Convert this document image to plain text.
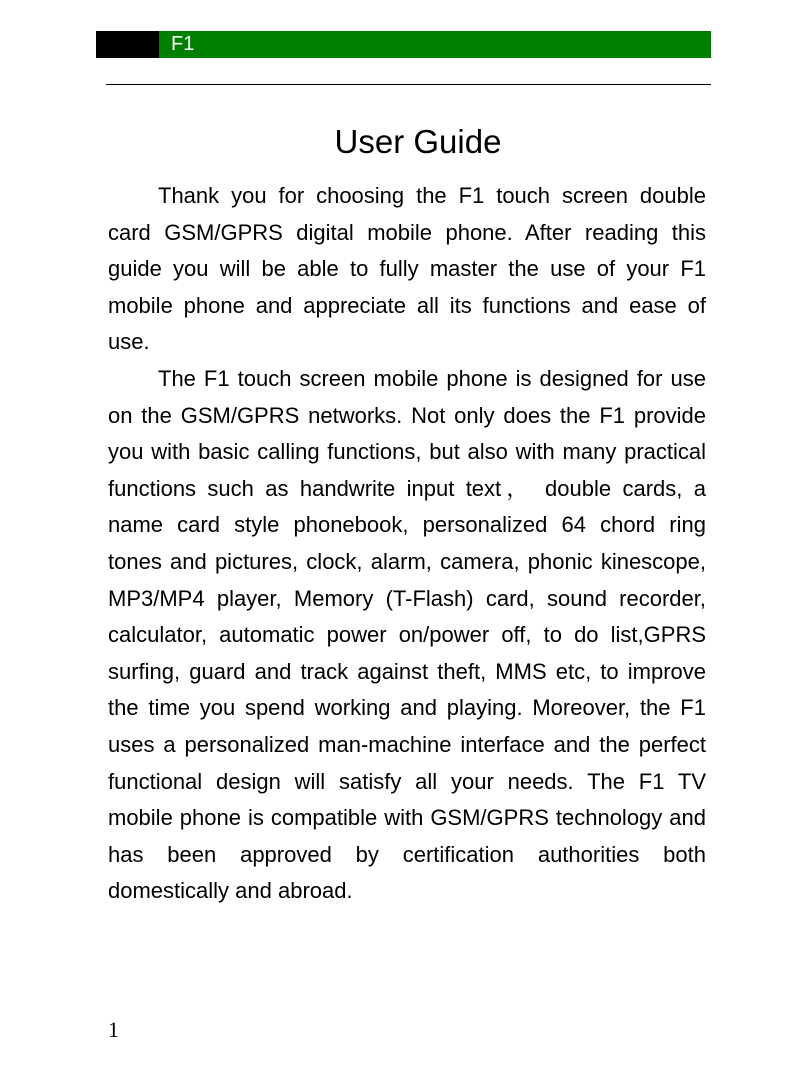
F1
User Guide

Thank you for choosing the F1 touch screen double card GSM/GPRS digital mobile phone. After reading this guide you will be able to fully master the use of your F1 mobile phone and appreciate all its functions and ease of use.

The F1 touch screen mobile phone is designed for use on the GSM/GPRS networks. Not only does the F1 provide you with basic calling functions, but also with many practical functions such as handwrite input text， double cards, a name card style phonebook, personalized 64 chord ring tones and pictures, clock, alarm, camera, phonic kinescope, MP3/MP4 player, Memory (T-Flash) card, sound recorder, calculator, automatic power on/power off, to do list,GPRS surfing, guard and track against theft, MMS etc, to improve the time you spend working and playing. Moreover, the F1 uses a personalized man-machine interface and the perfect functional design will satisfy all your needs. The F1 TV mobile phone is compatible with GSM/GPRS technology and has been approved by certification authorities both domestically and abroad.

1
